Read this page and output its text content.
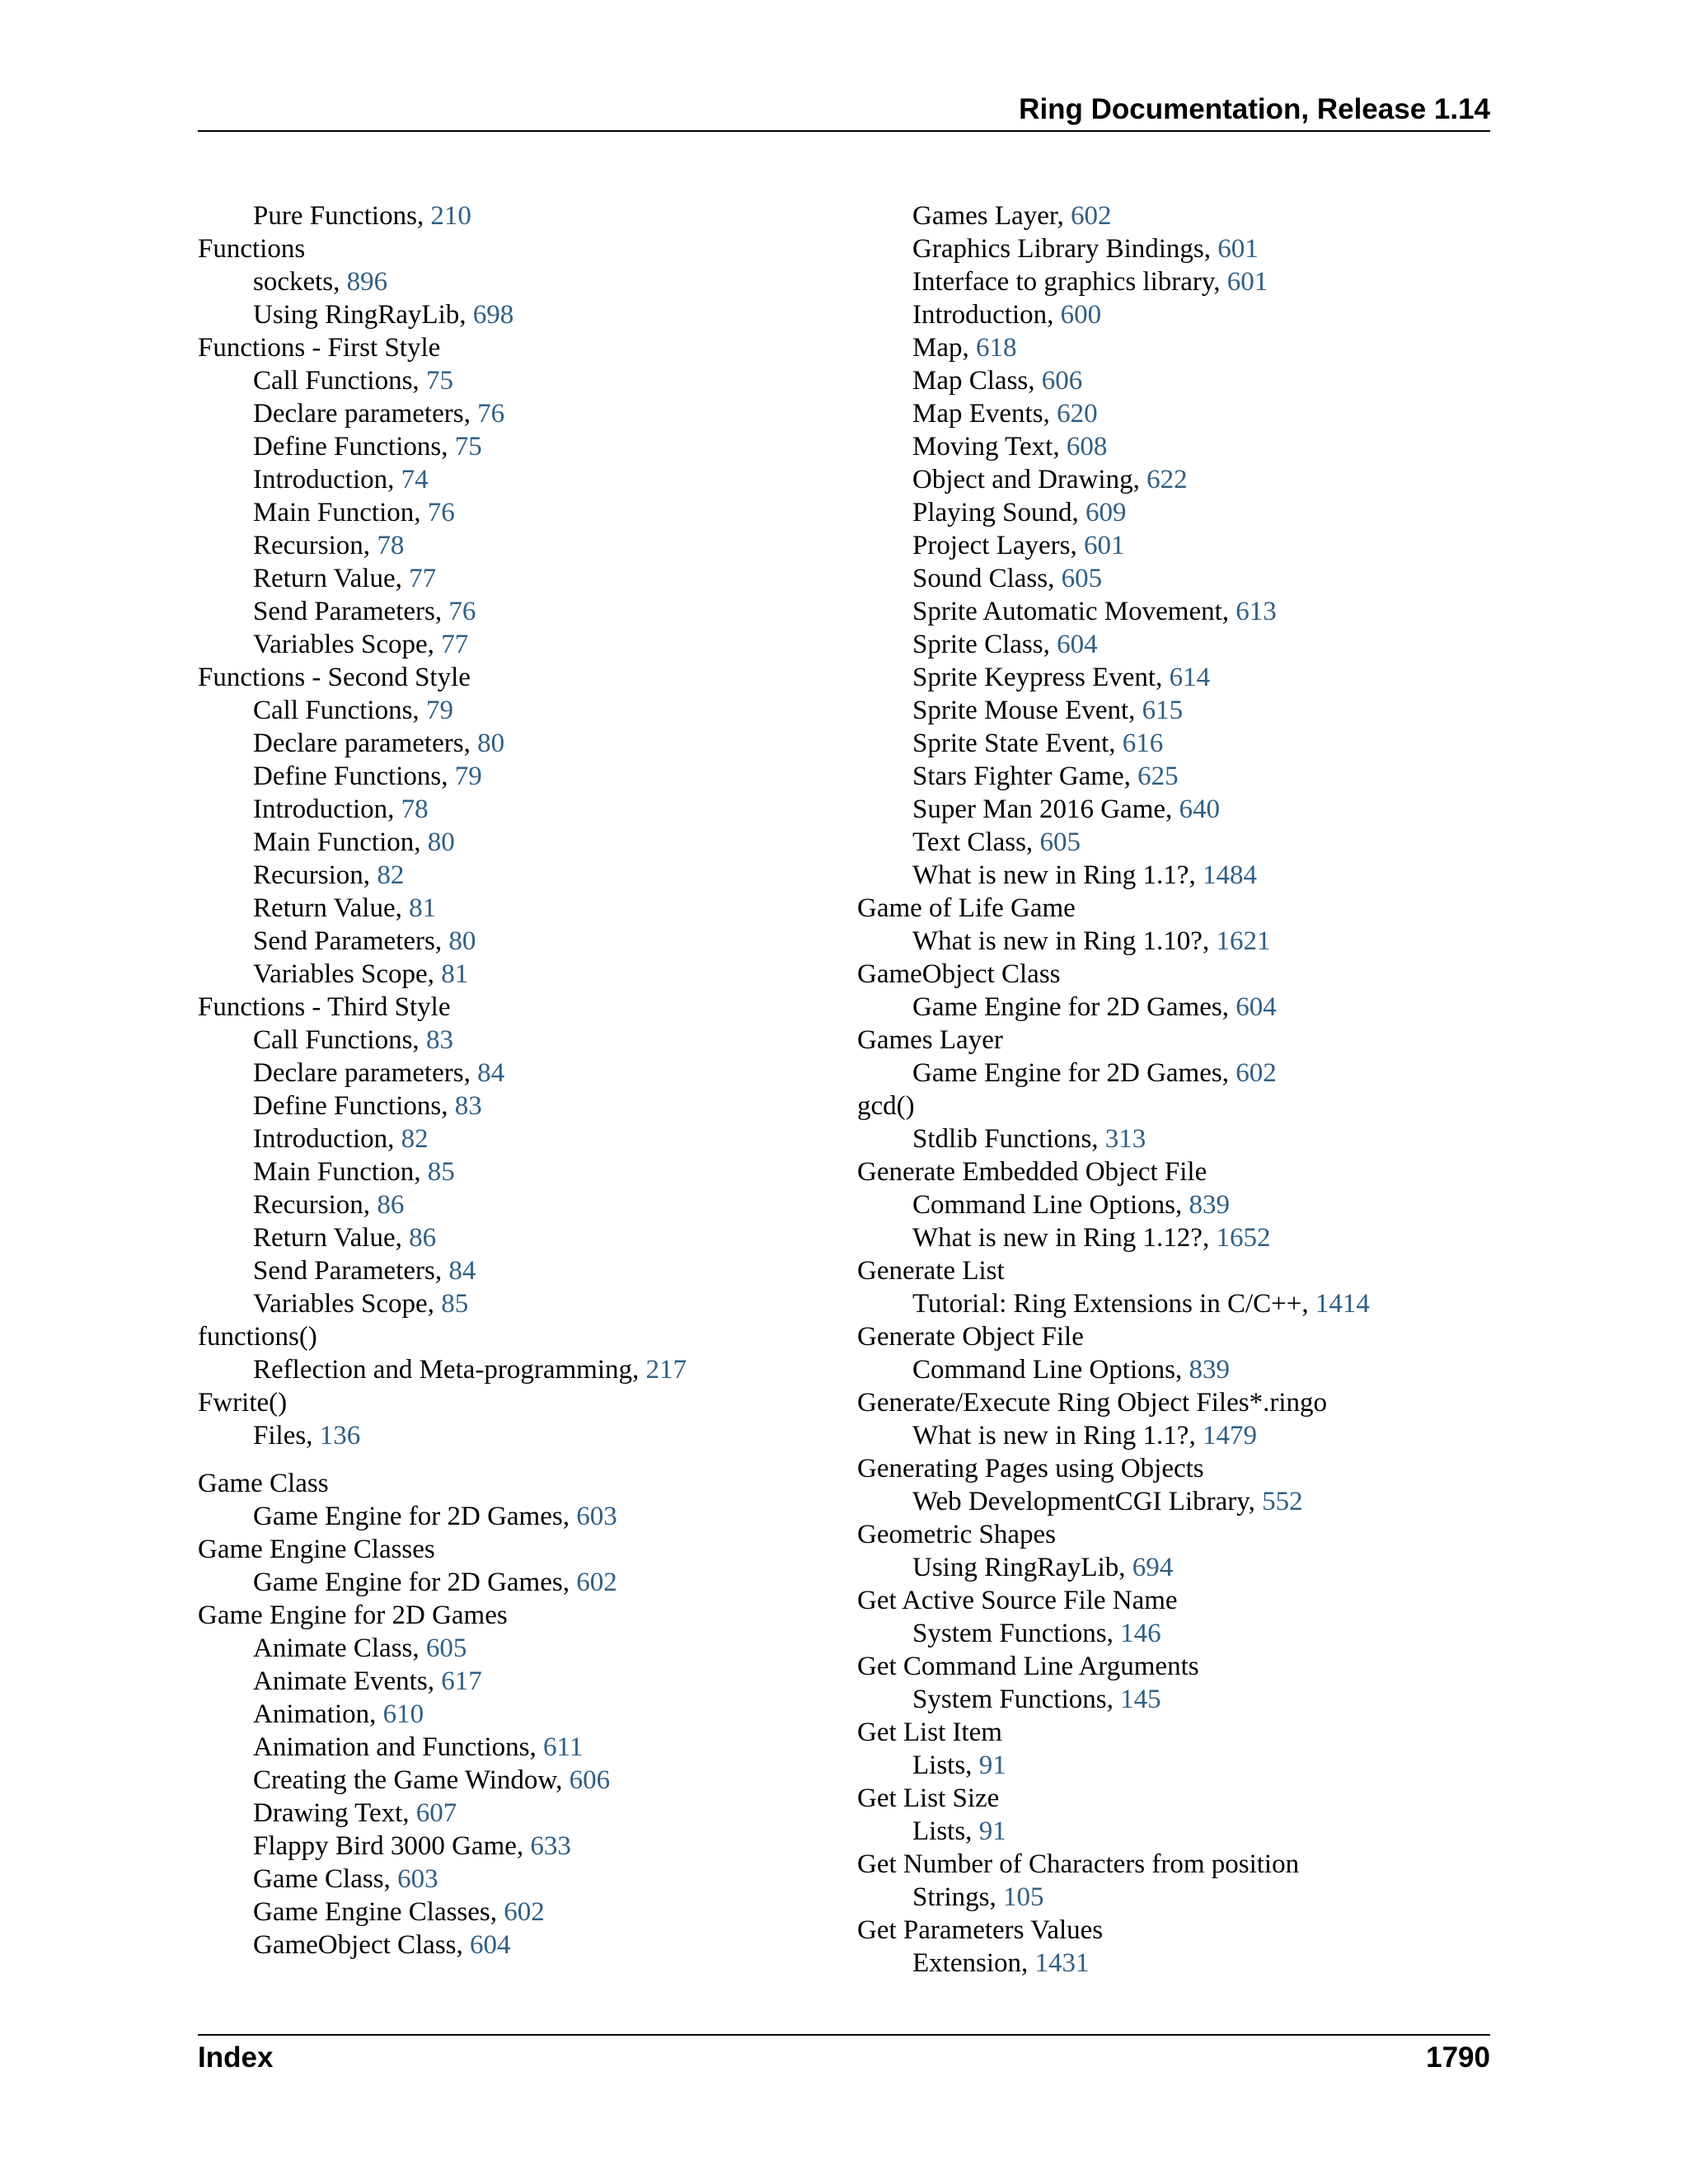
Ring Documentation, Release 1.14
Pure Functions, 210
Functions
sockets, 896
Using RingRayLib, 698
Functions - First Style
Call Functions, 75
Declare parameters, 76
Define Functions, 75
Introduction, 74
Main Function, 76
Recursion, 78
Return Value, 77
Send Parameters, 76
Variables Scope, 77
Functions - Second Style
Call Functions, 79
Declare parameters, 80
Define Functions, 79
Introduction, 78
Main Function, 80
Recursion, 82
Return Value, 81
Send Parameters, 80
Variables Scope, 81
Functions - Third Style
Call Functions, 83
Declare parameters, 84
Define Functions, 83
Introduction, 82
Main Function, 85
Recursion, 86
Return Value, 86
Send Parameters, 84
Variables Scope, 85
functions()
Reflection and Meta-programming, 217
Fwrite()
Files, 136
Game Class
Game Engine for 2D Games, 603
Game Engine Classes
Game Engine for 2D Games, 602
Game Engine for 2D Games
Animate Class, 605
Animate Events, 617
Animation, 610
Animation and Functions, 611
Creating the Game Window, 606
Drawing Text, 607
Flappy Bird 3000 Game, 633
Game Class, 603
Game Engine Classes, 602
GameObject Class, 604
Games Layer, 602
Graphics Library Bindings, 601
Interface to graphics library, 601
Introduction, 600
Map, 618
Map Class, 606
Map Events, 620
Moving Text, 608
Object and Drawing, 622
Playing Sound, 609
Project Layers, 601
Sound Class, 605
Sprite Automatic Movement, 613
Sprite Class, 604
Sprite Keypress Event, 614
Sprite Mouse Event, 615
Sprite State Event, 616
Stars Fighter Game, 625
Super Man 2016 Game, 640
Text Class, 605
What is new in Ring 1.1?, 1484
Game of Life Game
What is new in Ring 1.10?, 1621
GameObject Class
Game Engine for 2D Games, 604
Games Layer
Game Engine for 2D Games, 602
gcd()
Stdlib Functions, 313
Generate Embedded Object File
Command Line Options, 839
What is new in Ring 1.12?, 1652
Generate List
Tutorial: Ring Extensions in C/C++, 1414
Generate Object File
Command Line Options, 839
Generate/Execute Ring Object Files*.ringo
What is new in Ring 1.1?, 1479
Generating Pages using Objects
Web DevelopmentCGI Library, 552
Geometric Shapes
Using RingRayLib, 694
Get Active Source File Name
System Functions, 146
Get Command Line Arguments
System Functions, 145
Get List Item
Lists, 91
Get List Size
Lists, 91
Get Number of Characters from position
Strings, 105
Get Parameters Values
Extension, 1431
Index	1790
